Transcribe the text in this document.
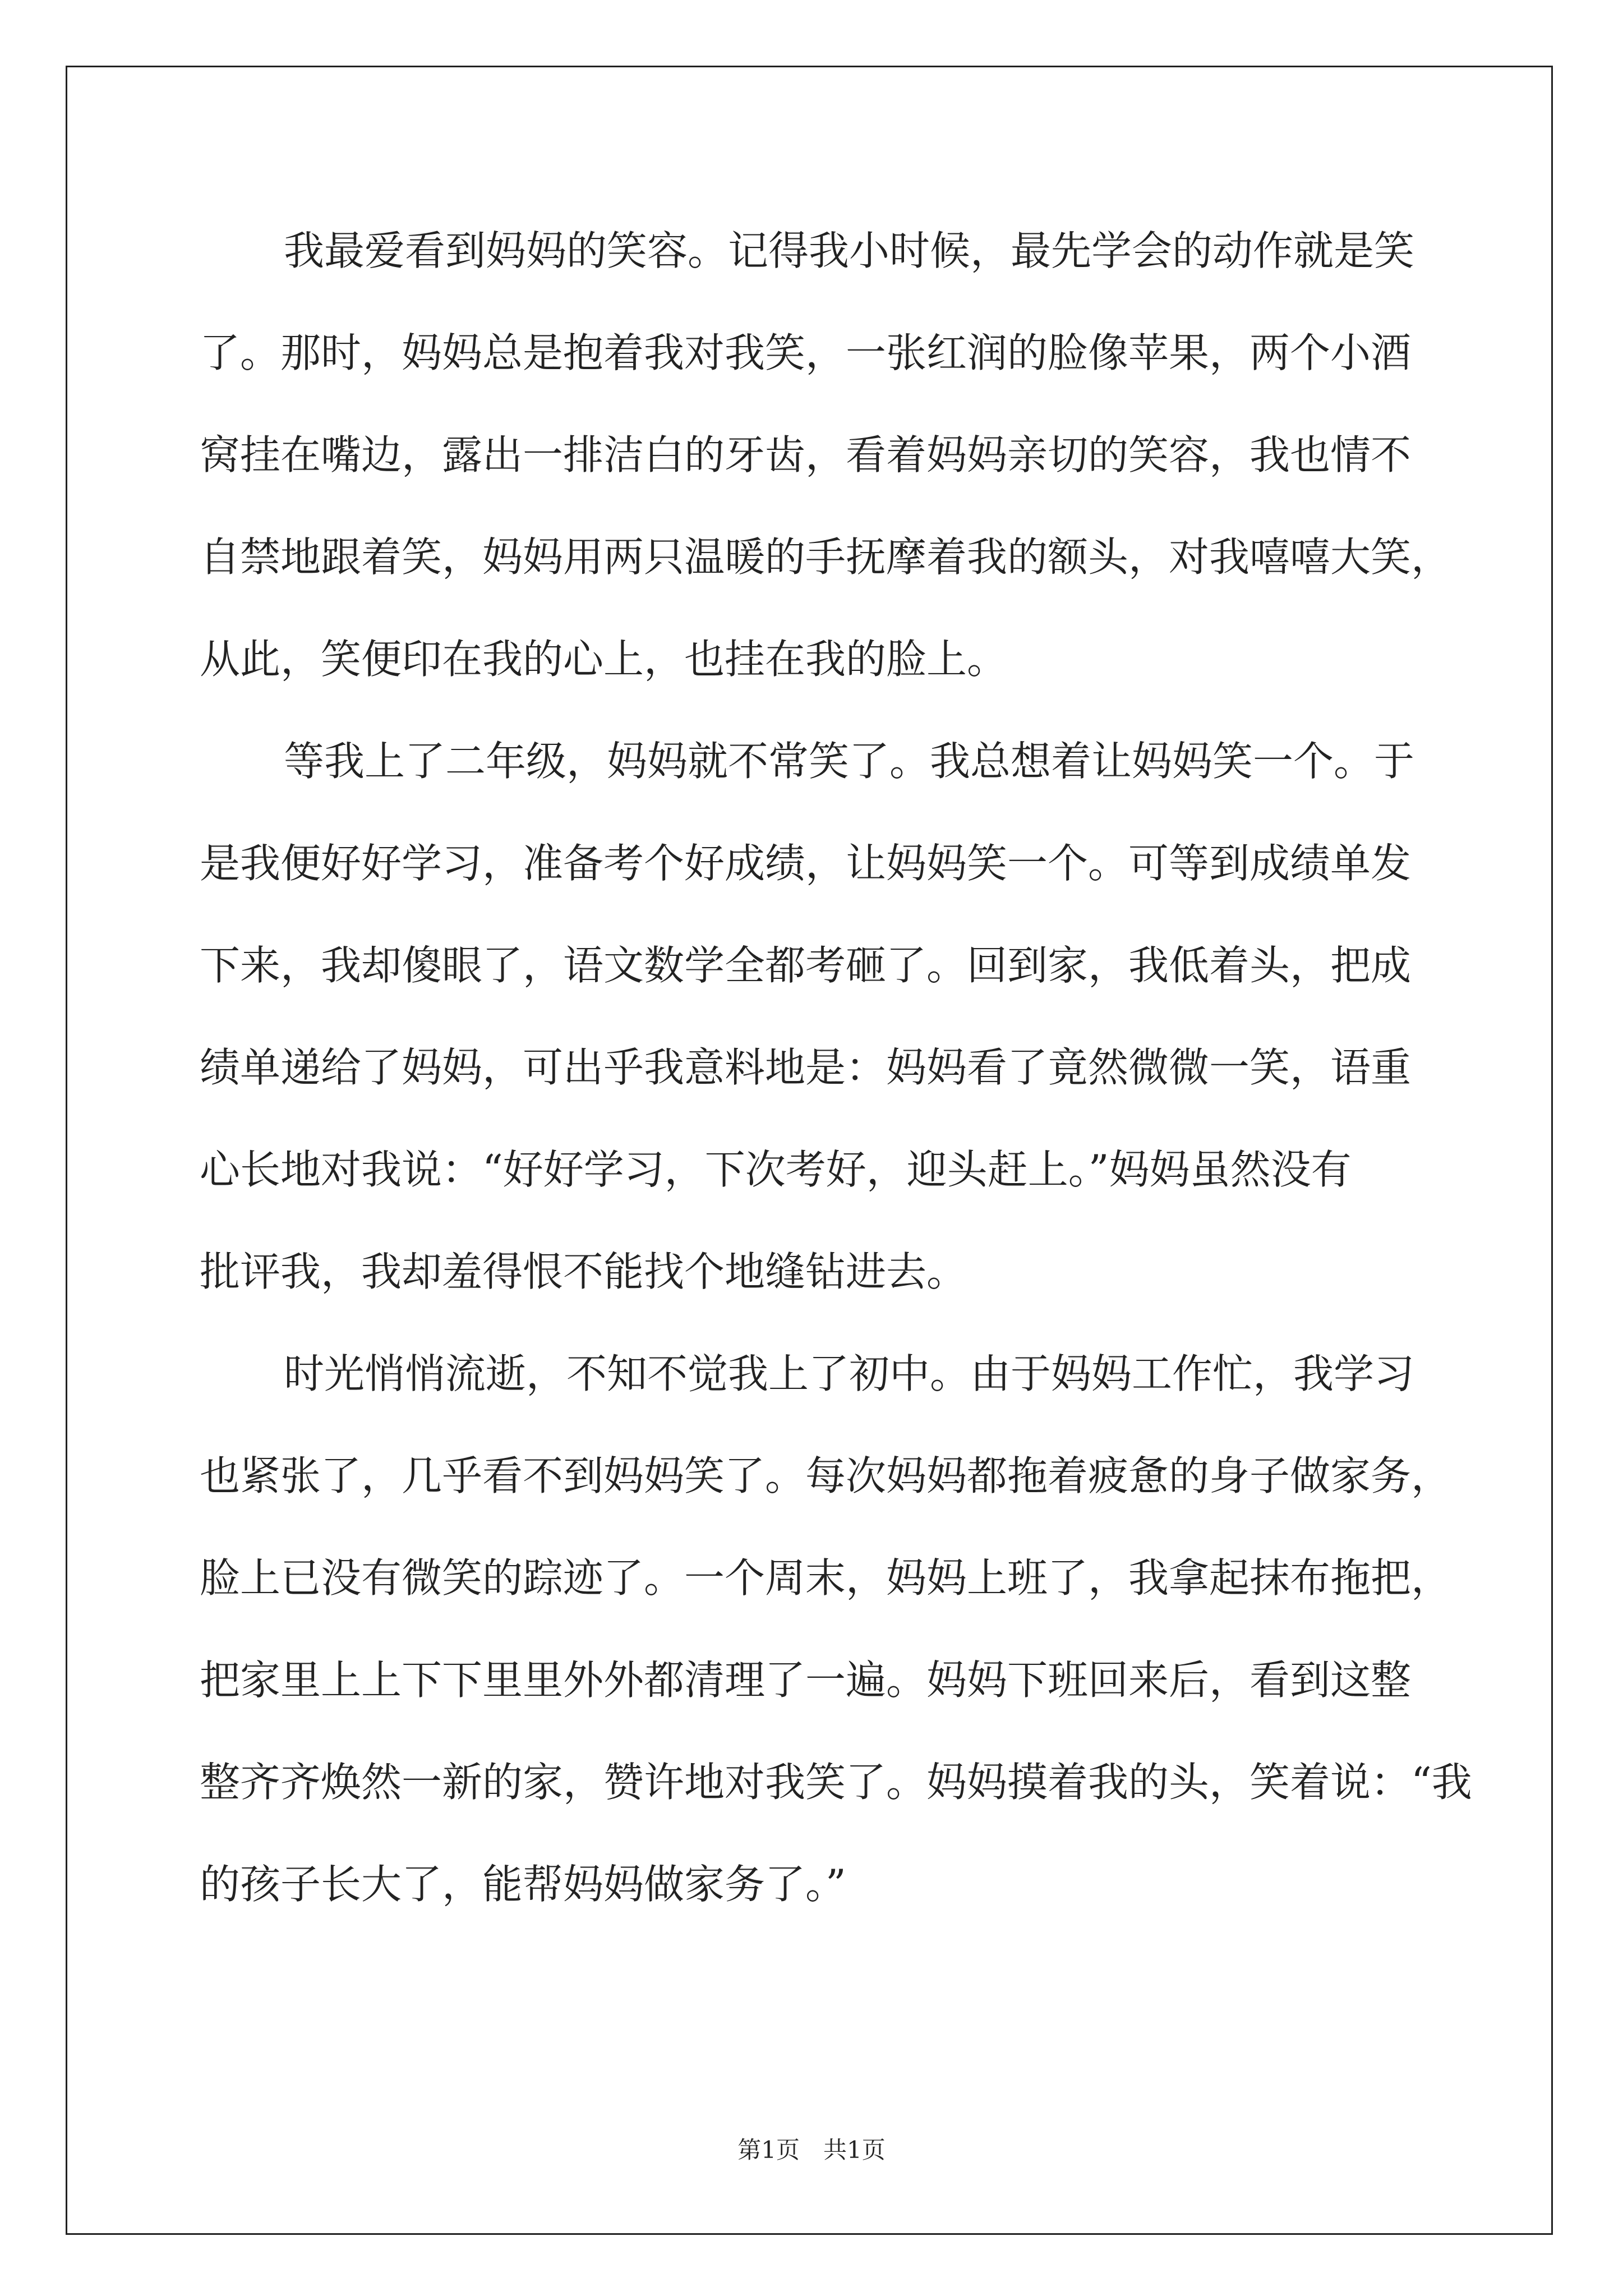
我最爱看到妈妈的笑容。记得我小时候，最先学会的动作就是笑
了。那时，妈妈总是抱着我对我笑，一张红润的脸像苹果，两个小酒
窝挂在嘴边，露出一排洁白的牙齿，看着妈妈亲切的笑容，我也情不
自禁地跟着笑，妈妈用两只温暖的手抚摩着我的额头，对我嘻嘻大笑，
从此，笑便印在我的心上，也挂在我的脸上。
等我上了二年级，妈妈就不常笑了。我总想着让妈妈笑一个。于
是我便好好学习，准备考个好成绩，让妈妈笑一个。可等到成绩单发
下来，我却傻眼了，语文数学全都考砸了。回到家，我低着头，把成
绩单递给了妈妈，可出乎我意料地是：妈妈看了竟然微微一笑，语重
心长地对我说：“好好学习，下次考好，迎头赶上。”妈妈虽然没有
批评我，我却羞得恨不能找个地缝钻进去。
时光悄悄流逝，不知不觉我上了初中。由于妈妈工作忙，我学习
也紧张了，几乎看不到妈妈笑了。每次妈妈都拖着疲惫的身子做家务，
脸上已没有微笑的踪迹了。一个周末，妈妈上班了，我拿起抹布拖把，
把家里上上下下里里外外都清理了一遍。妈妈下班回来后，看到这整
整齐齐焕然一新的家，赞许地对我笑了。妈妈摸着我的头，笑着说：“我
的孩子长大了，能帮妈妈做家务了。”
第1页　共1页
